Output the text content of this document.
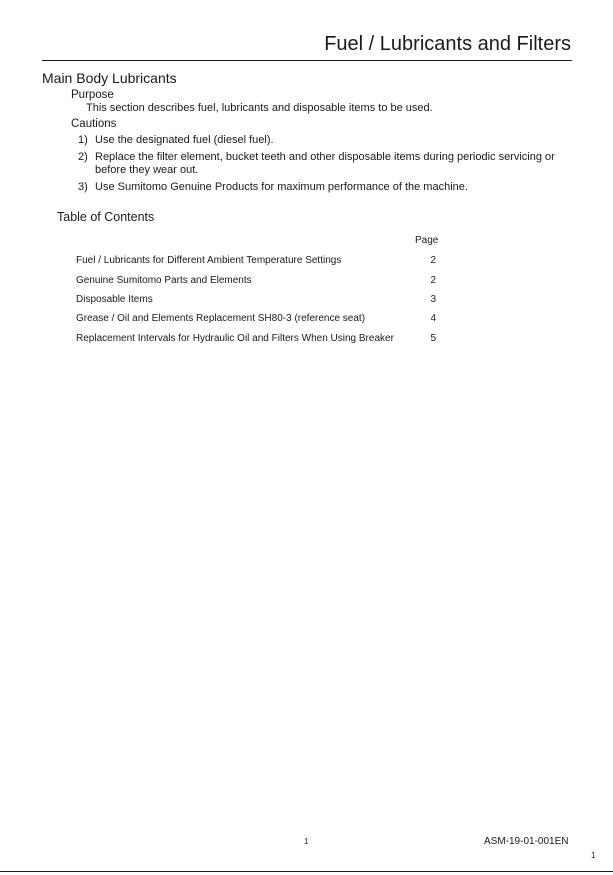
Fuel / Lubricants and Filters
Main Body Lubricants
Purpose
This section describes fuel, lubricants and disposable items to be used.
Cautions
1) Use the designated fuel (diesel fuel).
2) Replace the filter element, bucket teeth and other disposable items during periodic servicing or before they wear out.
3) Use Sumitomo Genuine Products for maximum performance of the machine.
Table of Contents
Page
Fuel / Lubricants for Different Ambient Temperature Settings	2
Genuine Sumitomo Parts and Elements	2
Disposable Items	3
Grease / Oil and Elements Replacement SH80-3 (reference seat)	4
Replacement Intervals for Hydraulic Oil and Filters When Using Breaker	5
1	ASM-19-01-001EN
1
